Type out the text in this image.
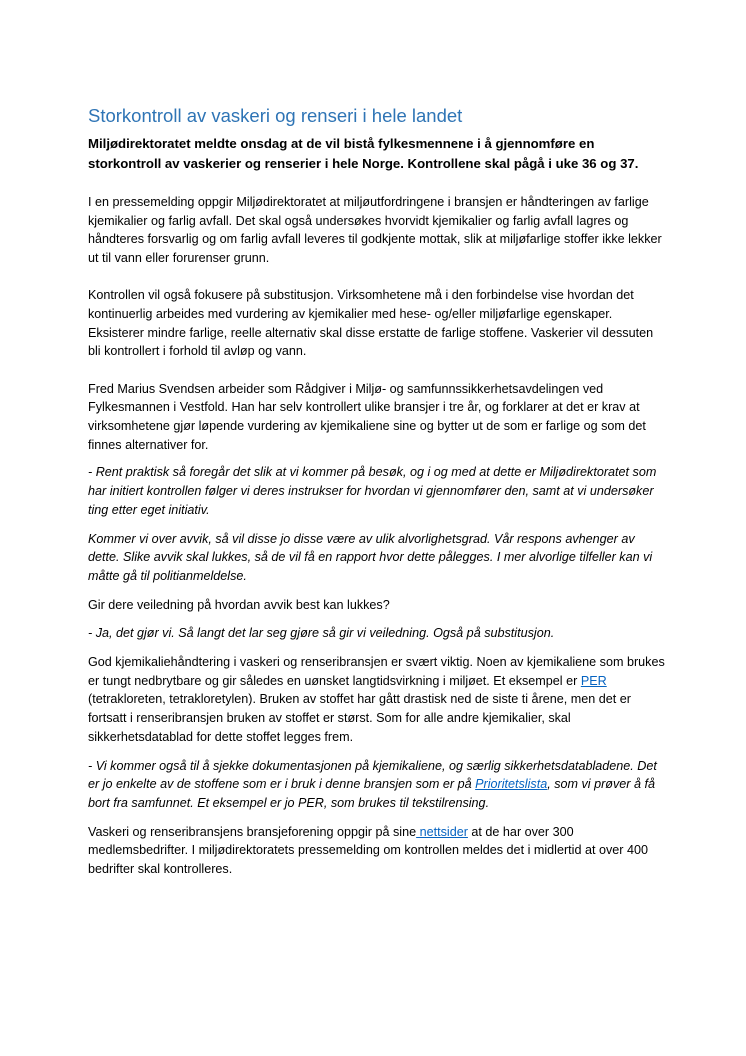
Storkontroll av vaskeri og renseri i hele landet
Miljødirektoratet meldte onsdag at de vil bistå fylkesmennene i å gjennomføre en storkontroll av vaskerier og renserier i hele Norge. Kontrollene skal pågå i uke 36 og 37.

I en pressemelding oppgir Miljødirektoratet at miljøutfordringene i bransjen er håndteringen av farlige kjemikalier og farlig avfall. Det skal også undersøkes hvorvidt kjemikalier og farlig avfall lagres og håndteres forsvarlig og om farlig avfall leveres til godkjente mottak, slik at miljøfarlige stoffer ikke lekker ut til vann eller forurenser grunn.

Kontrollen vil også fokusere på substitusjon. Virksomhetene må i den forbindelse vise hvordan det kontinuerlig arbeides med vurdering av kjemikalier med hese- og/eller miljøfarlige egenskaper. Eksisterer mindre farlige, reelle alternativ skal disse erstatte de farlige stoffene. Vaskerier vil dessuten bli kontrollert i forhold til avløp og vann.

Fred Marius Svendsen arbeider som Rådgiver i Miljø- og samfunnssikkerhetsavdelingen ved Fylkesmannen i Vestfold. Han har selv kontrollert ulike bransjer i tre år, og forklarer at det er krav at virksomhetene gjør løpende vurdering av kjemikaliene sine og bytter ut de som er farlige og som det finnes alternativer for.

- Rent praktisk så foregår det slik at vi kommer på besøk, og i og med at dette er Miljødirektoratet som har initiert kontrollen følger vi deres instrukser for hvordan vi gjennomfører den, samt at vi undersøker ting etter eget initiativ.

Kommer vi over avvik, så vil disse jo disse være av ulik alvorlighetsgrad. Vår respons avhenger av dette. Slike avvik skal lukkes, så de vil få en rapport hvor dette pålegges. I mer alvorlige tilfeller kan vi måtte gå til politianmeldelse.

Gir dere veiledning på hvordan avvik best kan lukkes?

- Ja, det gjør vi. Så langt det lar seg gjøre så gir vi veiledning. Også på substitusjon.

God kjemikaliehåndtering i vaskeri og renseribransjen er svært viktig. Noen av kjemikaliene som brukes er tungt nedbrytbare og gir således en uønsket langtidsvirkning i miljøet. Et eksempel er PER (tetrakloreten, tetrakloretylen). Bruken av stoffet har gått drastisk ned de siste ti årene, men det er fortsatt i renseribransjen bruken av stoffet er størst. Som for alle andre kjemikalier, skal sikkerhetsdatablad for dette stoffet legges frem.

- Vi kommer også til å sjekke dokumentasjonen på kjemikaliene, og særlig sikkerhetsdatabladene. Det er jo enkelte av de stoffene som er i bruk i denne bransjen som er på Prioritetslista, som vi prøver å få bort fra samfunnet. Et eksempel er jo PER, som brukes til tekstilrensing.

Vaskeri og renseribransjens bransjeforening oppgir på sine nettsider at de har over 300 medlemsbedrifter. I miljødirektoratets pressemelding om kontrollen meldes det i midlertid at over 400 bedrifter skal kontrolleres.
